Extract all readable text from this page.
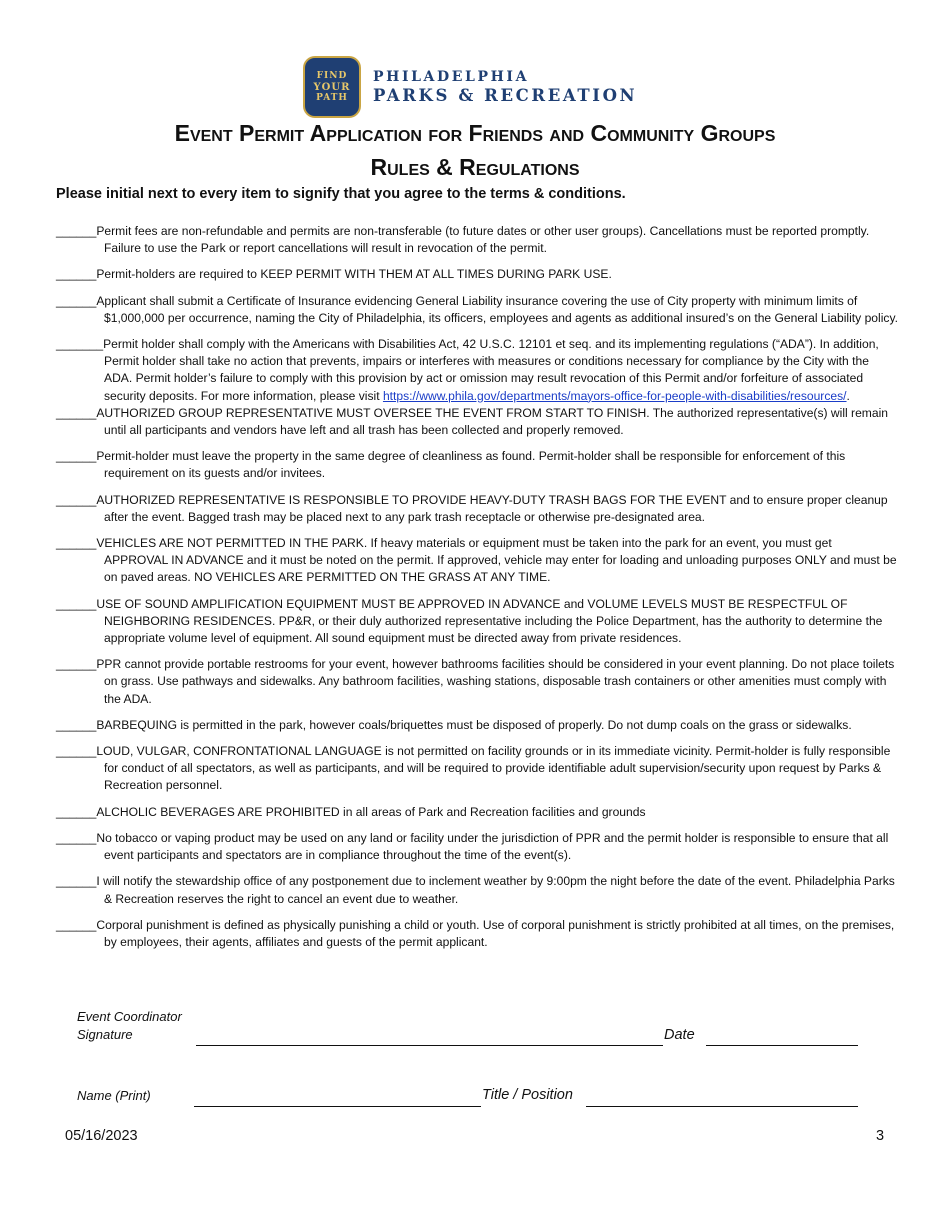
FIND
YOUR
PATH
PHILADELPHIA
PARKS & RECREATION
Event Permit Application for Friends and Community Groups
Rules & Regulations
Please initial next to every item to signify that you agree to the terms & conditions.
______Permit fees are non-refundable and permits are non-transferable (to future dates or other user groups). Cancellations must be reported promptly. Failure to use the Park or report cancellations will result in revocation of the permit.
______Permit-holders are required to KEEP PERMIT WITH THEM AT ALL TIMES DURING PARK USE.
______Applicant shall submit a Certificate of Insurance evidencing General Liability insurance covering the use of City property with minimum limits of $1,000,000 per occurrence, naming the City of Philadelphia, its officers, employees and agents as additional insured’s on the General Liability policy.
_______Permit holder shall comply with the Americans with Disabilities Act, 42 U.S.C. 12101 et seq. and its implementing regulations (“ADA”). In addition, Permit holder shall take no action that prevents, impairs or interferes with measures or conditions necessary for compliance by the City with the ADA. Permit holder’s failure to comply with this provision by act or omission may result revocation of this Permit and/or forfeiture of associated security deposits. For more information, please visit https://www.phila.gov/departments/mayors-office-for-people-with-disabilities/resources/.
______AUTHORIZED GROUP REPRESENTATIVE MUST OVERSEE THE EVENT FROM START TO FINISH. The authorized representative(s) will remain until all participants and vendors have left and all trash has been collected and properly removed.
______Permit-holder must leave the property in the same degree of cleanliness as found. Permit-holder shall be responsible for enforcement of this requirement on its guests and/or invitees.
______AUTHORIZED REPRESENTATIVE IS RESPONSIBLE TO PROVIDE HEAVY-DUTY TRASH BAGS FOR THE EVENT and to ensure proper cleanup after the event. Bagged trash may be placed next to any park trash receptacle or otherwise pre-designated area.
______VEHICLES ARE NOT PERMITTED IN THE PARK. If heavy materials or equipment must be taken into the park for an event, you must get APPROVAL IN ADVANCE and it must be noted on the permit. If approved, vehicle may enter for loading and unloading purposes ONLY and must be on paved areas. NO VEHICLES ARE PERMITTED ON THE GRASS AT ANY TIME.
______USE OF SOUND AMPLIFICATION EQUIPMENT MUST BE APPROVED IN ADVANCE and VOLUME LEVELS MUST BE RESPECTFUL OF NEIGHBORING RESIDENCES. PP&R, or their duly authorized representative including the Police Department, has the authority to determine the appropriate volume level of equipment. All sound equipment must be directed away from private residences.
______PPR cannot provide portable restrooms for your event, however bathrooms facilities should be considered in your event planning. Do not place toilets on grass. Use pathways and sidewalks. Any bathroom facilities, washing stations, disposable trash containers or other amenities must comply with the ADA.
______BARBEQUING is permitted in the park, however coals/briquettes must be disposed of properly. Do not dump coals on the grass or sidewalks.
______LOUD, VULGAR, CONFRONTATIONAL LANGUAGE is not permitted on facility grounds or in its immediate vicinity. Permit-holder is fully responsible for conduct of all spectators, as well as participants, and will be required to provide identifiable adult supervision/security upon request by Parks & Recreation personnel.
______ALCHOLIC BEVERAGES ARE PROHIBITED in all areas of Park and Recreation facilities and grounds
______No tobacco or vaping product may be used on any land or facility under the jurisdiction of PPR and the permit holder is responsible to ensure that all event participants and spectators are in compliance throughout the time of the event(s).
______I will notify the stewardship office of any postponement due to inclement weather by 9:00pm the night before the date of the event. Philadelphia Parks & Recreation reserves the right to cancel an event due to weather.
______Corporal punishment is defined as physically punishing a child or youth. Use of corporal punishment is strictly prohibited at all times, on the premises, by employees, their agents, affiliates and guests of the permit applicant.
Event Coordinator
Signature	Date
Name (Print)	Title / Position
05/16/2023	3
